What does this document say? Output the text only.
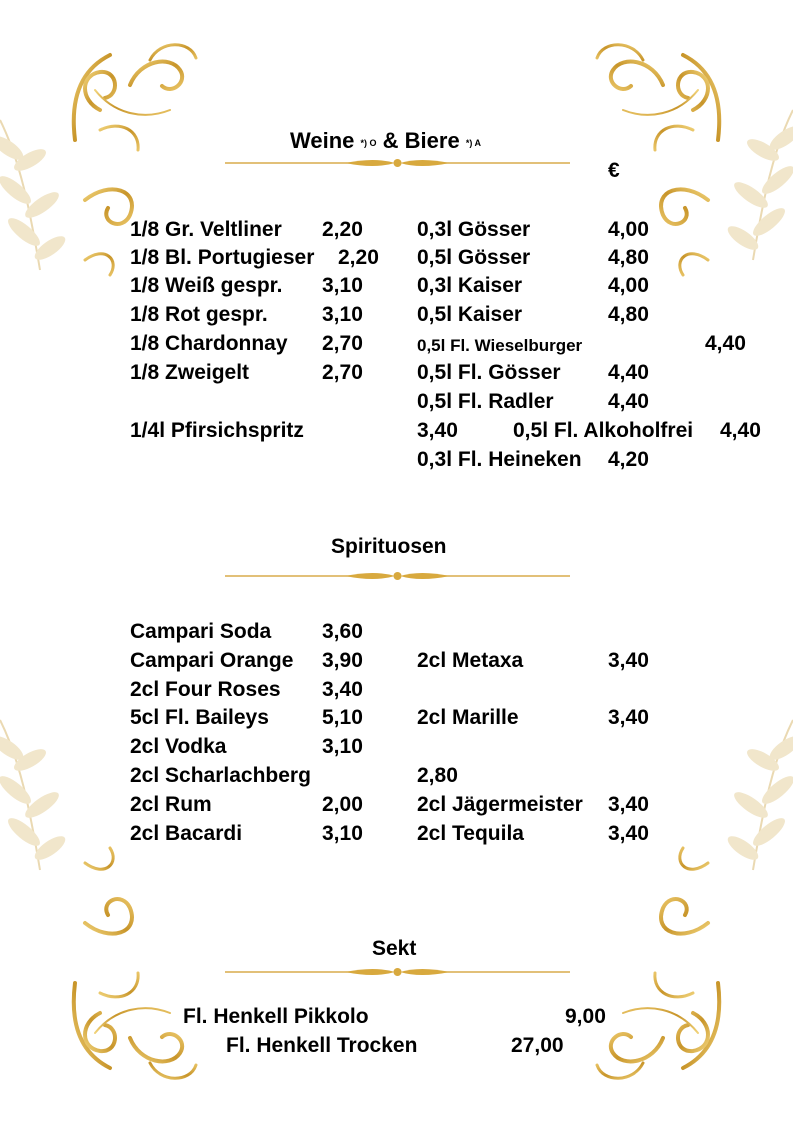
Weine $^{*) O}$ & Biere $^{*) A}$
€
1/8 Gr. Veltliner 2,20
1/8 Bl. Portugieser 2,20
1/8 Weiß gespr. 3,10
1/8 Rot gespr.	3,10
1/8 Chardonnay 2,70
1/8 Zweigelt	2,70
1/4l Pfirsichspritz	3,40
0,3l Gösser	4,00
0,5l Gösser	4,80
0,3l Kaiser	4,00
0,5l Kaiser	4,80
0,5l Fl. Wieselburger	4,40
0,5l Fl. Gösser 4,40
0,5l Fl. Radler	4,40
0,5l Fl. Alkoholfrei 4,40
0,3l Fl. Heineken 4,20
Spirituosen
Campari Soda 3,60
Campari Orange 3,90
2cl Four Roses 3,40
5cl Fl. Baileys	5,10
2cl Vodka	3,10
2cl Scharlachberg	2,80
2cl Rum	2,00
2cl Bacardi	3,10
2cl Metaxa	3,40
2cl Marille	3,40
2cl Jägermeister 3,40
2cl Tequila	3,40
Sekt
Fl. Henkell Pikkolo	9,00
Fl. Henkell Trocken	27,00
